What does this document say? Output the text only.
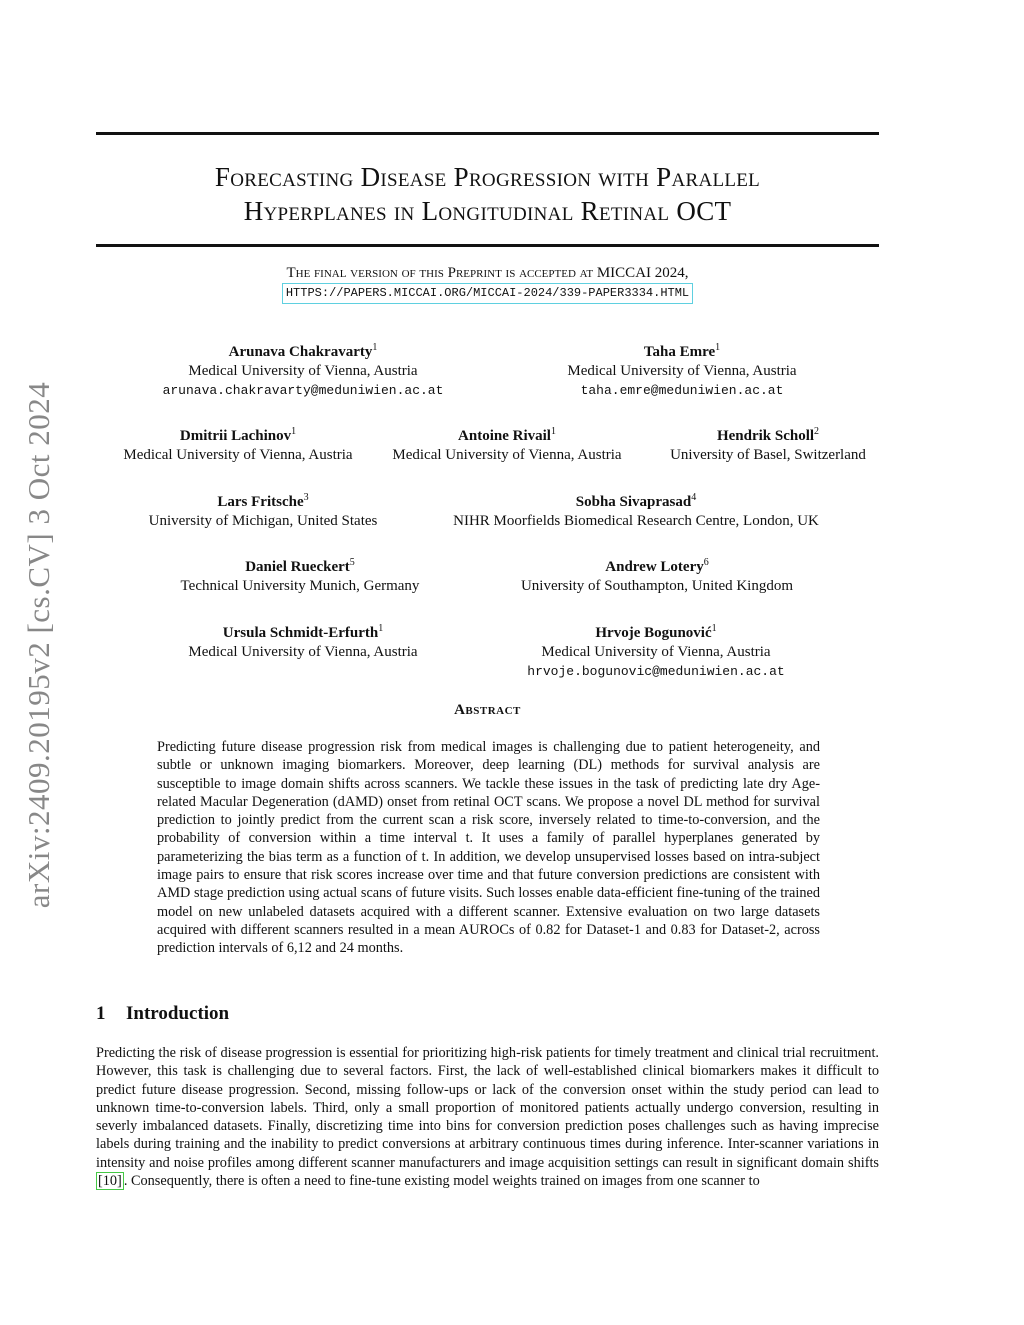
arXiv:2409.20195v2 [cs.CV] 3 Oct 2024
Forecasting Disease Progression with Parallel
Hyperplanes in Longitudinal Retinal OCT
The final version of this Preprint is accepted at MICCAI 2024,
HTTPS://PAPERS.MICCAI.ORG/MICCAI-2024/339-PAPER3334.HTML
Arunava Chakravarty$^1$
Medical University of Vienna, Austria
arunava.chakravarty@meduniwien.ac.at
Taha Emre$^1$
Medical University of Vienna, Austria
taha.emre@meduniwien.ac.at
Dmitrii Lachinov$^1$
Medical University of Vienna, Austria
Antoine Rivail$^1$
Medical University of Vienna, Austria
Hendrik Scholl$^2$
University of Basel, Switzerland
Lars Fritsche$^3$
University of Michigan, United States
Sobha Sivaprasad$^4$
NIHR Moorfields Biomedical Research Centre, London, UK
Daniel Rueckert$^5$
Technical University Munich, Germany
Andrew Lotery$^6$
University of Southampton, United Kingdom
Ursula Schmidt-Erfurth$^1$
Medical University of Vienna, Austria
Hrvoje Bogunović$^1$
Medical University of Vienna, Austria
hrvoje.bogunovic@meduniwien.ac.at
Abstract
Predicting future disease progression risk from medical images is challenging due to patient heterogeneity, and subtle or unknown imaging biomarkers. Moreover, deep learning (DL) methods for survival analysis are susceptible to image domain shifts across scanners. We tackle these issues in the task of predicting late dry Age-related Macular Degeneration (dAMD) onset from retinal OCT scans. We propose a novel DL method for survival prediction to jointly predict from the current scan a risk score, inversely related to time-to-conversion, and the probability of conversion within a time interval t. It uses a family of parallel hyperplanes generated by parameterizing the bias term as a function of t. In addition, we develop unsupervised losses based on intra-subject image pairs to ensure that risk scores increase over time and that future conversion predictions are consistent with AMD stage prediction using actual scans of future visits. Such losses enable data-efficient fine-tuning of the trained model on new unlabeled datasets acquired with a different scanner. Extensive evaluation on two large datasets acquired with different scanners resulted in a mean AUROCs of 0.82 for Dataset-1 and 0.83 for Dataset-2, across prediction intervals of 6,12 and 24 months.
1 Introduction
Predicting the risk of disease progression is essential for prioritizing high-risk patients for timely treatment and clinical trial recruitment. However, this task is challenging due to several factors. First, the lack of well-established clinical biomarkers makes it difficult to predict future disease progression. Second, missing follow-ups or lack of the conversion onset within the study period can lead to unknown time-to-conversion labels. Third, only a small proportion of monitored patients actually undergo conversion, resulting in severly imbalanced datasets. Finally, discretizing time into bins for conversion prediction poses challenges such as having imprecise labels during training and the inability to predict conversions at arbitrary continuous times during inference. Inter-scanner variations in intensity and noise profiles among different scanner manufacturers and image acquisition settings can result in significant domain shifts [10] . Consequently, there is often a need to fine-tune existing model weights trained on images from one scanner to
